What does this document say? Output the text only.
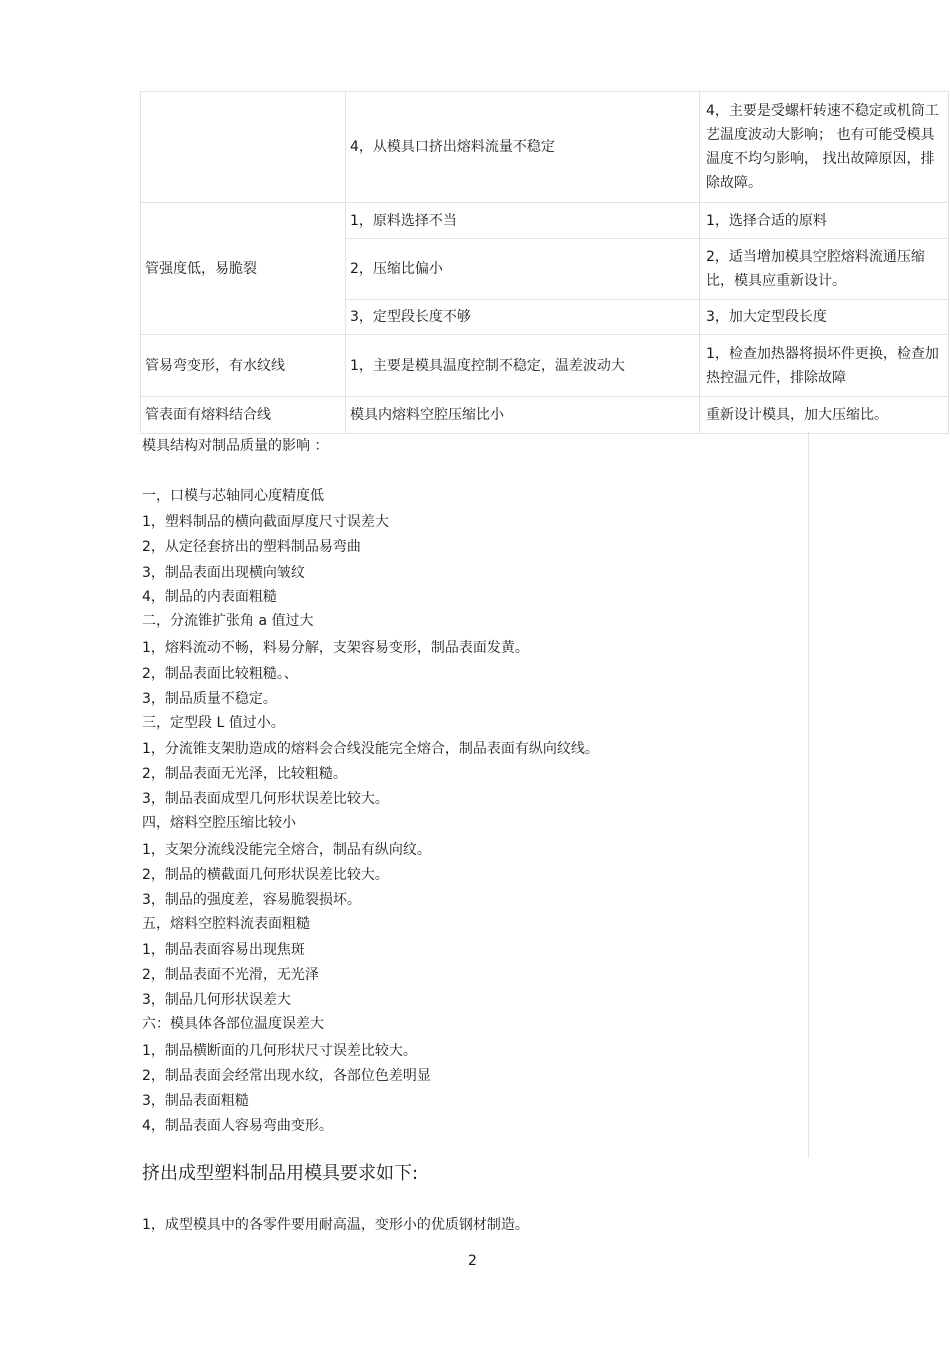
	4，从模具口挤出熔料流量不稳定	4，主要是受螺杆转速不稳定或机筒工艺温度波动大影响； 也有可能受模具温度不均匀影响， 找出故障原因，排除故障。
管强度低，易脆裂	1，原料选择不当	1，选择合适的原料
	2，压缩比偏小	2，适当增加模具空腔熔料流通压缩比，模具应重新设计。
	3，定型段长度不够	3，加大定型段长度
管易弯变形，有水纹线	1，主要是模具温度控制不稳定，温差波动大	1，检查加热器将损坏件更换，检查加热控温元件，排除故障
管表面有熔料结合线	模具内熔料空腔压缩比小	重新设计模具，加大压缩比。
模具结构对制品质量的影响 ：
一，口模与芯轴同心度精度低
1，塑料制品的横向截面厚度尺寸误差大
2，从定径套挤出的塑料制品易弯曲
3，制品表面出现横向皱纹
4，制品的内表面粗糙
二，分流锥扩张角 a 值过大
1，熔料流动不畅，料易分解，支架容易变形，制品表面发黄。
2，制品表面比较粗糙。、
3，制品质量不稳定。
三，定型段 L 值过小。
1，分流锥支架肋造成的熔料会合线没能完全熔合，制品表面有纵向纹线。
2，制品表面无光泽，比较粗糙。
3，制品表面成型几何形状误差比较大。
四，熔料空腔压缩比较小
1，支架分流线没能完全熔合，制品有纵向纹。
2，制品的横截面几何形状误差比较大。
3，制品的强度差，容易脆裂损坏。
五，熔料空腔料流表面粗糙
1，制品表面容易出现焦斑
2，制品表面不光滑，无光泽
3，制品几何形状误差大
六：模具体各部位温度误差大
1，制品横断面的几何形状尺寸误差比较大。
2，制品表面会经常出现水纹，各部位色差明显
3，制品表面粗糙
4，制品表面人容易弯曲变形。
挤出成型塑料制品用模具要求如下:
1，成型模具中的各零件要用耐高温，变形小的优质钢材制造。
2
